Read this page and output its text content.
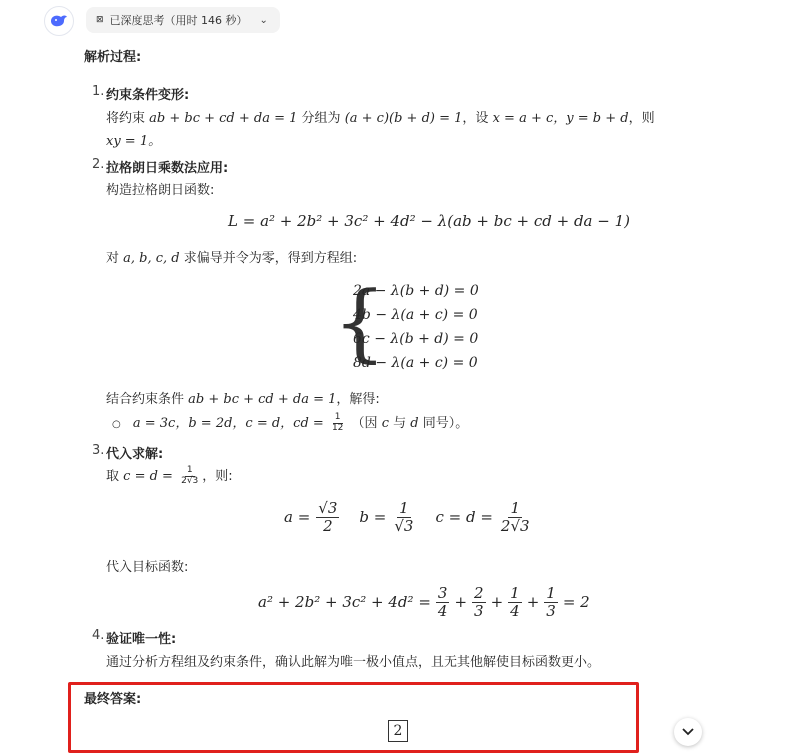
⊠ 已深度思考（用时 146 秒） ⌄
解析过程:
1. 约束条件变形:
将约束 ab + bc + cd + da = 1 分组为 (a + c)(b + d) = 1，设 x = a + c，y = b + d，则
xy = 1。
2. 拉格朗日乘数法应用:
构造拉格朗日函数:
L = a² + 2b² + 3c² + 4d² − λ(ab + bc + cd + da − 1)
对 a, b, c, d 求偏导并令为零，得到方程组:
{
2a − λ(b + d) = 0
4b − λ(a + c) = 0
6c − λ(b + d) = 0
8d − λ(a + c) = 0
结合约束条件 ab + bc + cd + da = 1，解得:
○ a = 3c，b = 2d，c = d，cd = $\frac{1}{12}$ （因 c 与 d 同号）。
3. 代入求解:
取 $c = d = \frac{1}{2√3}$ ，则:
$a = \frac{√3}{2}$ $b = \frac{1}{√3}$ $c = d = \frac{1}{2√3}$
代入目标函数:
$a^2 + 2b^2 + 3c^2 + 4d^2 = \frac{3}{4} + \frac{2}{3} + \frac{1}{4} + \frac{1}{3} = 2$
4. 验证唯一性:
通过分析方程组及约束条件，确认此解为唯一极小值点，且无其他解使目标函数更小。
最终答案:
2
